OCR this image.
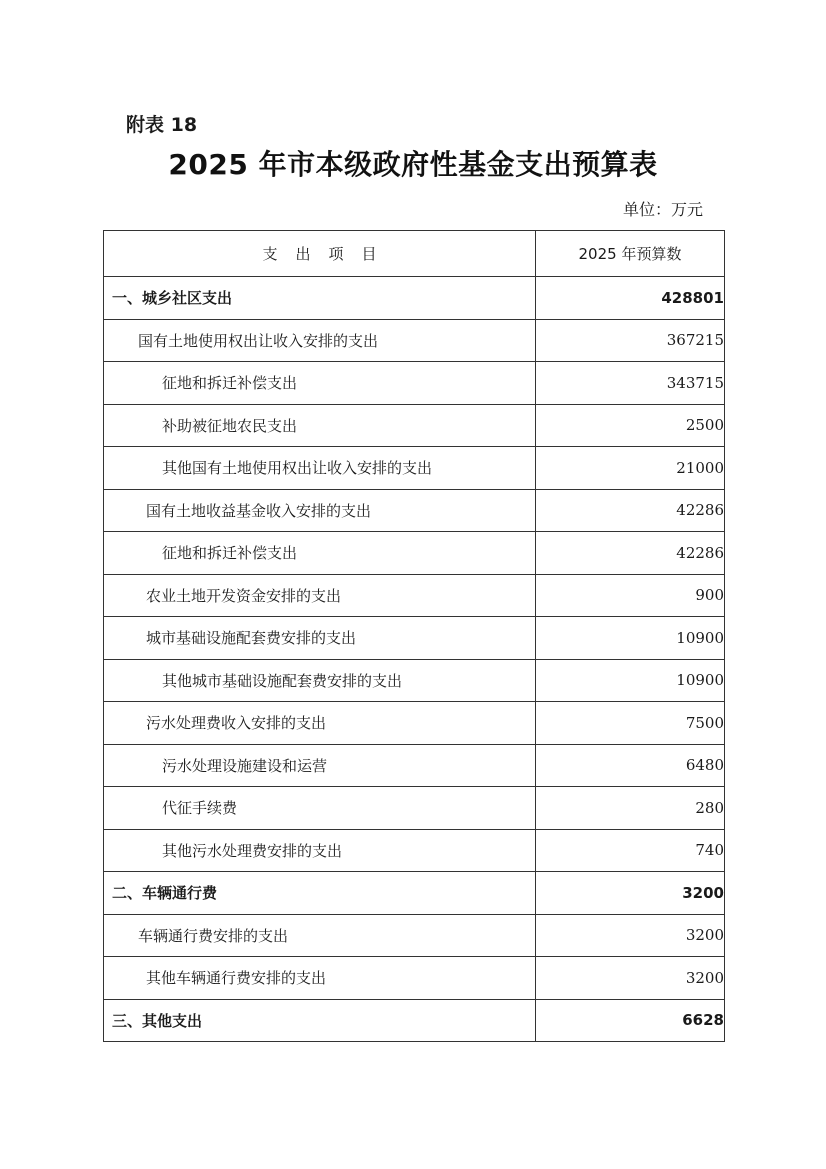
附表 18
2025 年市本级政府性基金支出预算表
单位：万元
支出项目	2025 年预算数
一、城乡社区支出	428801
国有土地使用权出让收入安排的支出	367215
征地和拆迁补偿支出	343715
补助被征地农民支出	2500
其他国有土地使用权出让收入安排的支出	21000
国有土地收益基金收入安排的支出	42286
征地和拆迁补偿支出	42286
农业土地开发资金安排的支出	900
城市基础设施配套费安排的支出	10900
其他城市基础设施配套费安排的支出	10900
污水处理费收入安排的支出	7500
污水处理设施建设和运营	6480
代征手续费	280
其他污水处理费安排的支出	740
二、车辆通行费	3200
车辆通行费安排的支出	3200
其他车辆通行费安排的支出	3200
三、其他支出	6628
